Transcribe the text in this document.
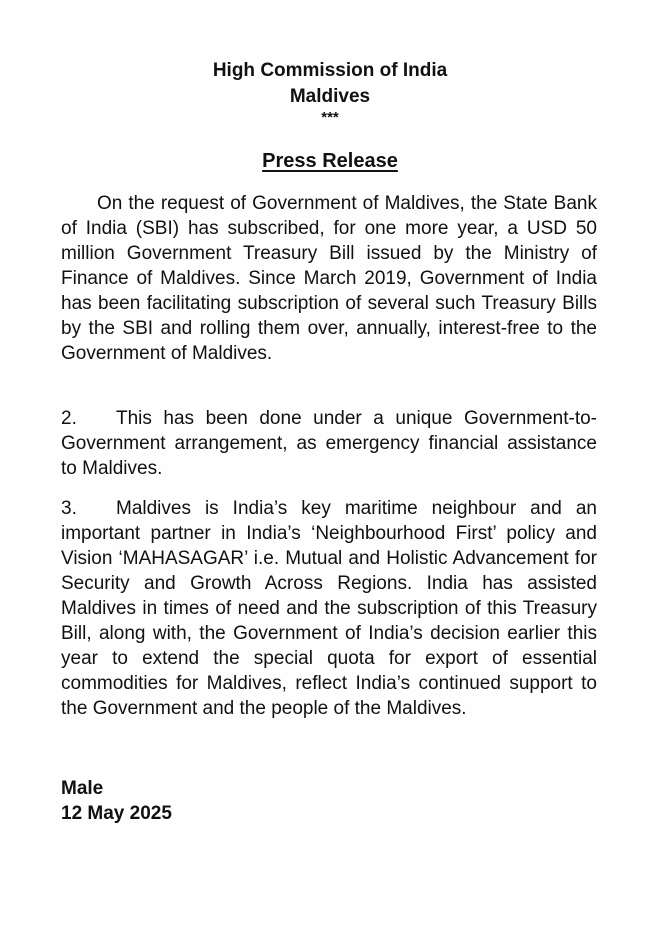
High Commission of India
Maldives
***
Press Release

On the request of Government of Maldives, the State Bank of India (SBI) has subscribed, for one more year, a USD 50 million Government Treasury Bill issued by the Ministry of Finance of Maldives. Since March 2019, Government of India has been facilitating subscription of several such Treasury Bills by the SBI and rolling them over, annually, interest-free to the Government of Maldives.

2. This has been done under a unique Government-to-Government arrangement, as emergency financial assistance to Maldives.

3. Maldives is India’s key maritime neighbour and an important partner in India’s ‘Neighbourhood First’ policy and Vision ‘MAHASAGAR’ i.e. Mutual and Holistic Advancement for Security and Growth Across Regions. India has assisted Maldives in times of need and the subscription of this Treasury Bill, along with, the Government of India’s decision earlier this year to extend the special quota for export of essential commodities for Maldives, reflect India’s continued support to the Government and the people of the Maldives.

Male
12 May 2025
